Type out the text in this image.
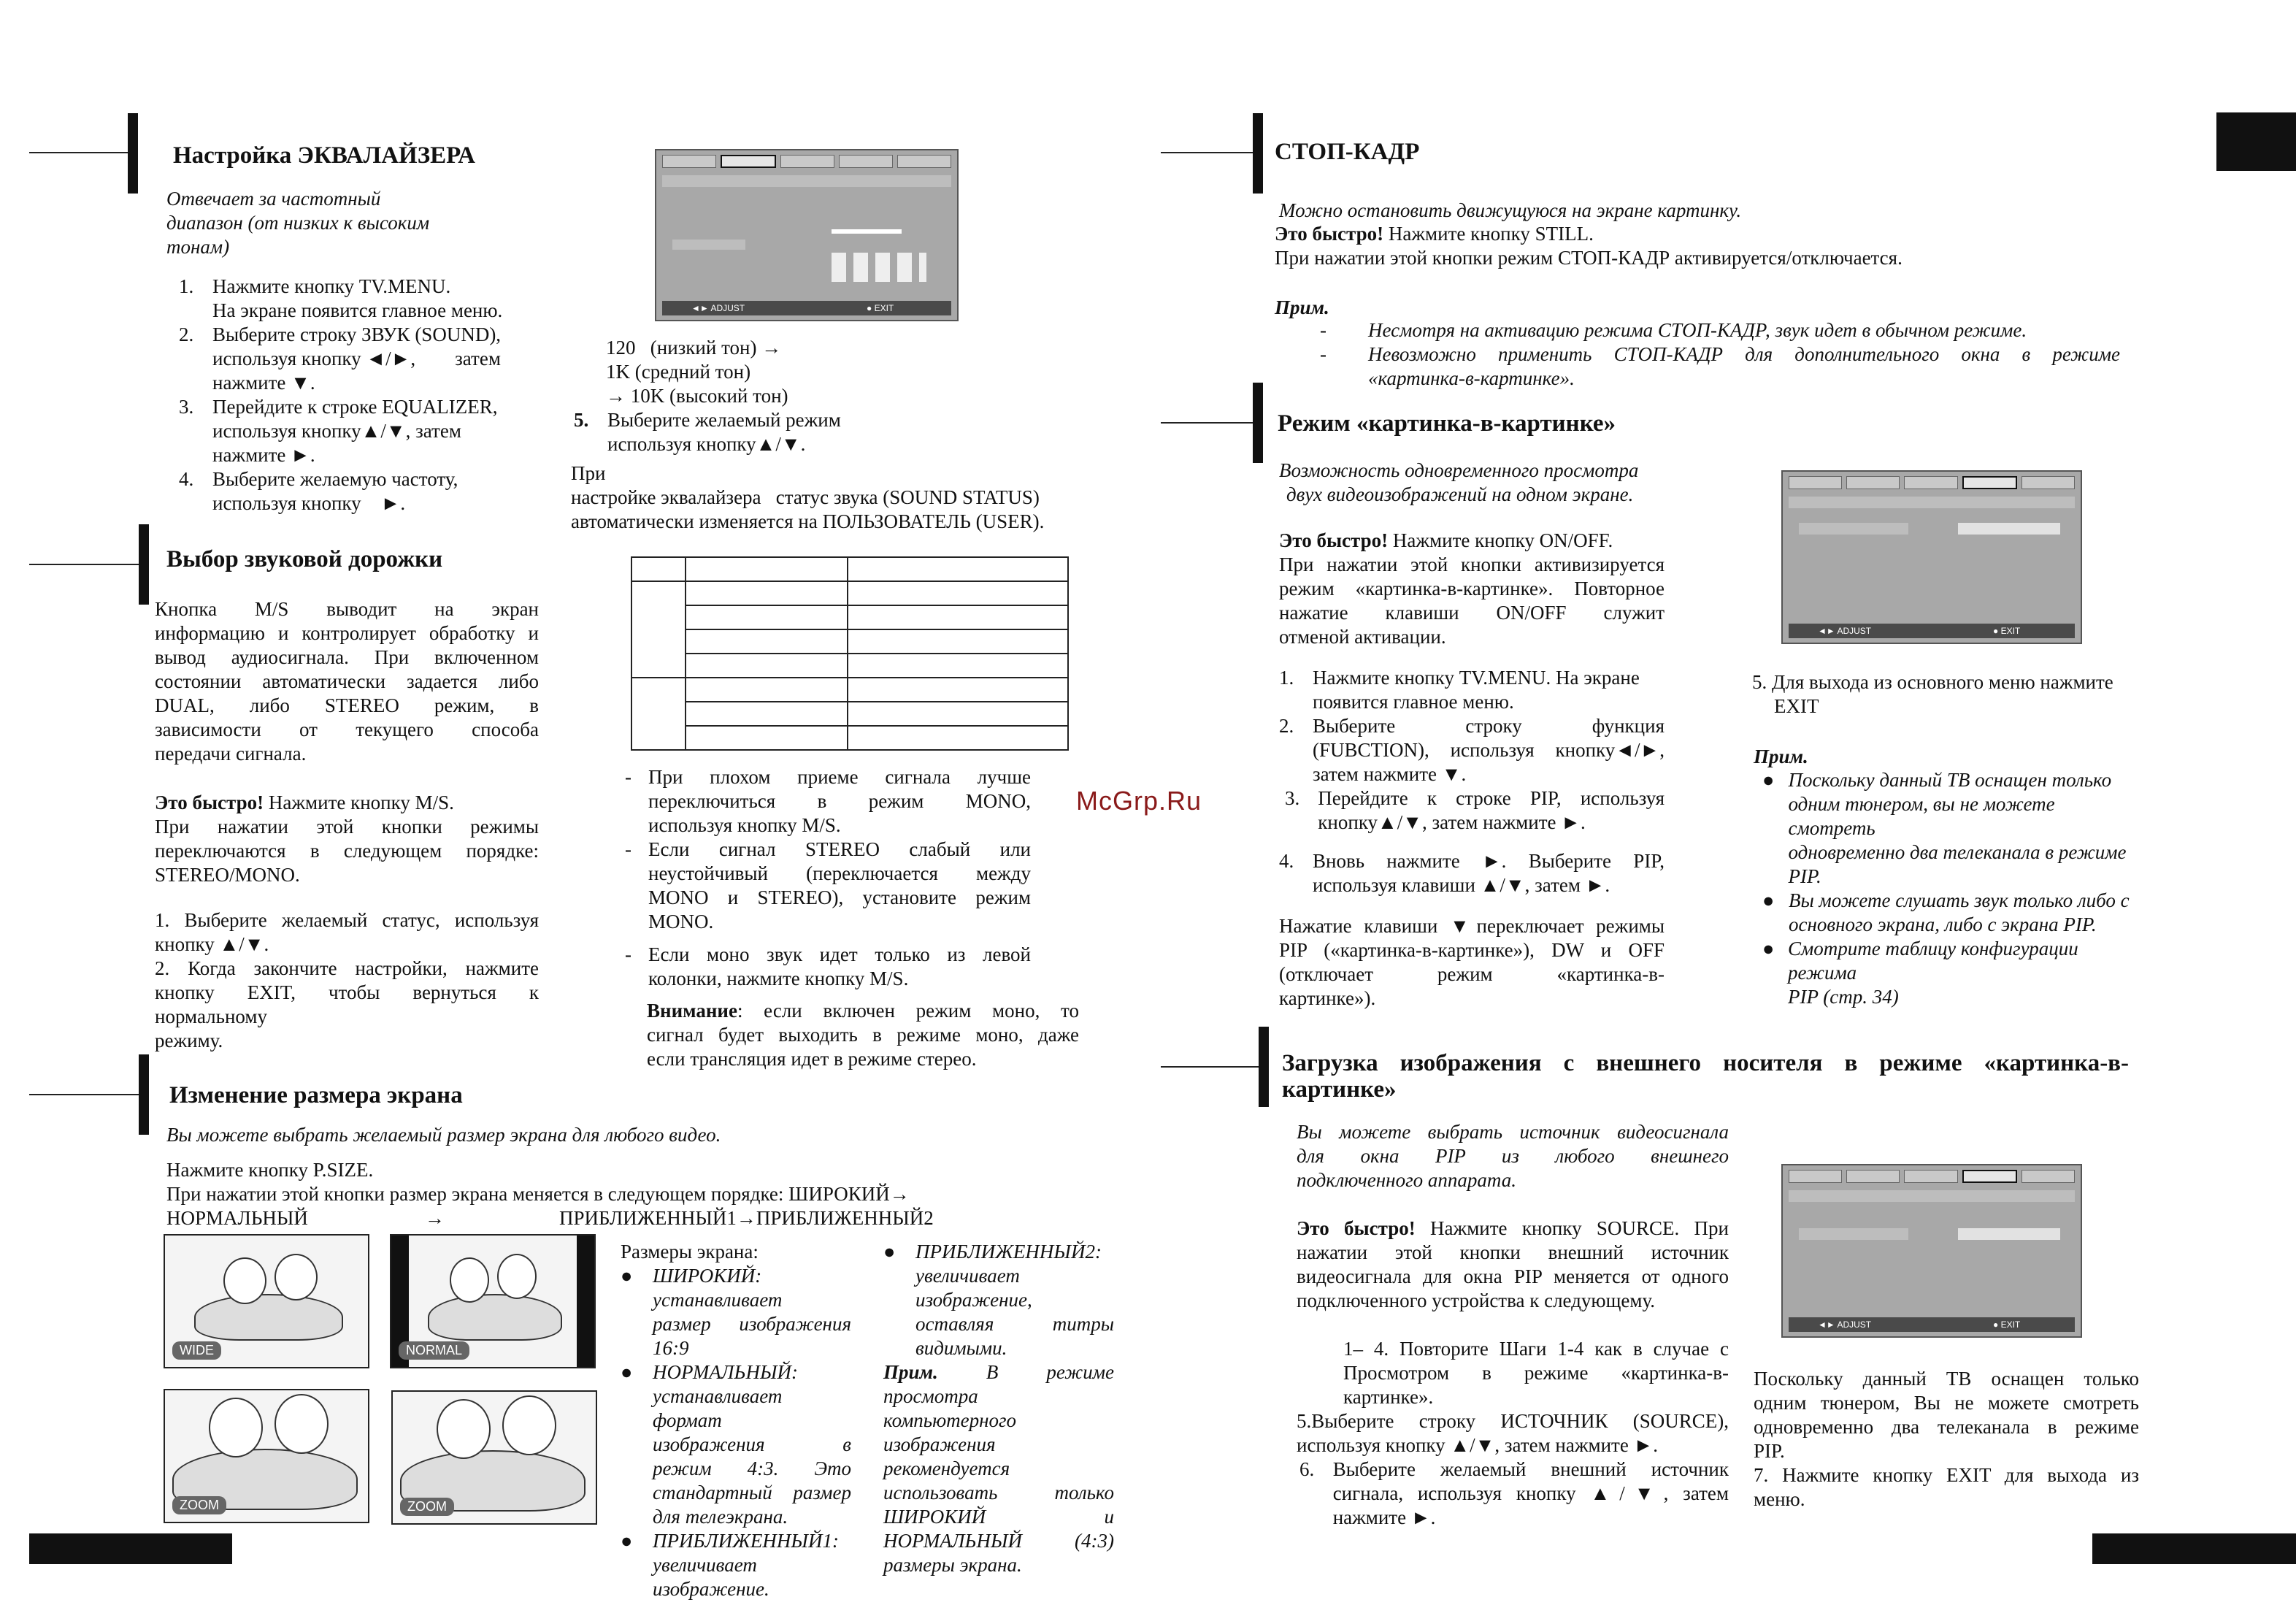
Настройка ЭКВАЛАЙЗЕРА
Отвечает за частотный
диапазон (от низких к высоким
тонам)
1. Нажмите кнопку TV.MENU.
На экране появится главное меню.
2. Выберите строку ЗВУК (SOUND),
используя кнопку ◄/►,        затем
нажмите ▼.
3. Перейдите к строке EQUALIZER,
используя кнопку▲/▼, затем
нажмите ►.
4. Выберите желаемую частоту,
используя кнопку    ►.
◄► ADJUST	● EXIT
120   (низкий тон) →
1K (средний тон)
→ 10K (высокий тон)
5. Выберите желаемый режим
используя кнопку▲/▼.
При
настройке эквалайзера   статус звука (SOUND STATUS)
автоматически изменяется на ПОЛЬЗОВАТЕЛЬ (USER).
Выбор звуковой дорожки
Кнопка M/S выводит на экран
информацию и контролирует обработку и
вывод аудиосигнала. При включенном
состоянии автоматически задается либо
DUAL, либо STEREO режим, в
зависимости от текущего способа
передачи сигнала.
Это быстро! Нажмите кнопку M/S.
При нажатии этой кнопки режимы
переключаются в следующем порядке:
STEREO/MONO.
1. Выберите желаемый статус, используя
кнопку ▲/▼.
2. Когда закончите настройки, нажмите
кнопку EXIT, чтобы вернуться к нормальному
режиму.

- При плохом приеме сигнала лучше
переключиться в режим MONO,
используя кнопку M/S.
- Если сигнал STEREO слабый или
неустойчивый (переключается между
MONO и STEREO), установите режим
MONO.
- Если моно звук идет только из левой
колонки, нажмите кнопку M/S.
Внимание: если включен режим моно, то
сигнал будет выходить в режиме моно, даже
если трансляция идет в режиме стерео.
McGrp.Ru
Изменение размера экрана
Вы можете выбрать желаемый размер экрана для любого видео.
Нажмите кнопку P.SIZE.
При нажатии этой кнопки размер экрана меняется в следующем порядке: ШИРОКИЙ→
НОРМАЛЬНЫЙ	→	ПРИБЛИЖЕННЫЙ1→ПРИБЛИЖЕННЫЙ2
WIDE	NORMAL
ZOOM	ZOOM
Размеры экрана:
●	ШИРОКИЙ:
устанавливает
размер изображения
16:9
●	НОРМАЛЬНЫЙ:
устанавливает
формат
изображения в
режим 4:3. Это
стандартный размер
для телеэкрана.
●	ПРИБЛИЖЕННЫЙ1:
увеличивает
изображение.
●	ПРИБЛИЖЕННЫЙ2:
увеличивает
изображение,
оставляя титры
видимыми.
Прим.        В        режиме
просмотра
компьютерного
изображения
рекомендуется
использовать только
ШИРОКИЙ и
НОРМАЛЬНЫЙ (4:3)
размеры экрана.
СТОП-КАДР
Можно остановить движущуюся на экране картинку.
Это быстро! Нажмите кнопку STILL.
При нажатии этой кнопки режим СТОП-КАДР активируется/отключается.
Прим.
-	Несмотря на активацию режима СТОП-КАДР, звук идет в обычном режиме.
-	Невозможно применить СТОП-КАДР для дополнительного окна в режиме
«картинка-в-картинке».
Режим «картинка-в-картинке»
Возможность одновременного просмотра
двух видеоизображений на одном экране.
Это быстро! Нажмите кнопку ON/OFF.
При нажатии этой кнопки активизируется
режим «картинка-в-картинке». Повторное
нажатие клавиши ON/OFF служит
отменой активации.
1. Нажмите кнопку TV.MENU. На экране
появится главное меню.
2. Выберите строку функция
(FUBCTION), используя кнопку◄/►,
затем нажмите ▼.
3. Перейдите к строке PIP, используя
кнопку▲/▼, затем нажмите ►.
4. Вновь нажмите ►. Выберите PIP,
используя клавиши ▲/▼, затем ►.
Нажатие клавиши ▼переключает режимы
PIP («картинка-в-картинке»), DW и OFF
(отключает режим «картинка-в-
картинке»).
◄► ADJUST	● EXIT
5. Для выхода из основного меню нажмите
EXIT
Прим.
● Поскольку данный ТВ оснащен только
одним тюнером, вы не можете смотреть
одновременно два телеканала в режиме
PIP.
● Вы можете слушать звук только либо с
основного экрана, либо с экрана PIP.
● Смотрите таблицу конфигурации режима
PIP (стр. 34)
Загрузка изображения с внешнего носителя в режиме «картинка-в-
картинке»
Вы можете выбрать источник видеосигнала
для окна PIP из любого внешнего
подключенного аппарата.
Это быстро! Нажмите кнопку SOURCE. При
нажатии этой кнопки внешний источник
видеосигнала для окна PIP меняется от одного
подключенного устройства к следующему.
1– 4. Повторите Шаги 1-4 как в случае с
Просмотром в режиме «картинка-в-
картинке».
5.Выберите строку ИСТОЧНИК (SOURCE),
используя кнопку ▲/▼, затем нажмите ►.
6. Выберите желаемый внешний источник
сигнала, используя кнопку ▲/▼, затем
нажмите ►.
◄► ADJUST	● EXIT
Поскольку данный ТВ оснащен только
одним тюнером, Вы не можете смотреть
одновременно два телеканала в режиме
PIP.
7. Нажмите кнопку EXIT для выхода из
меню.
